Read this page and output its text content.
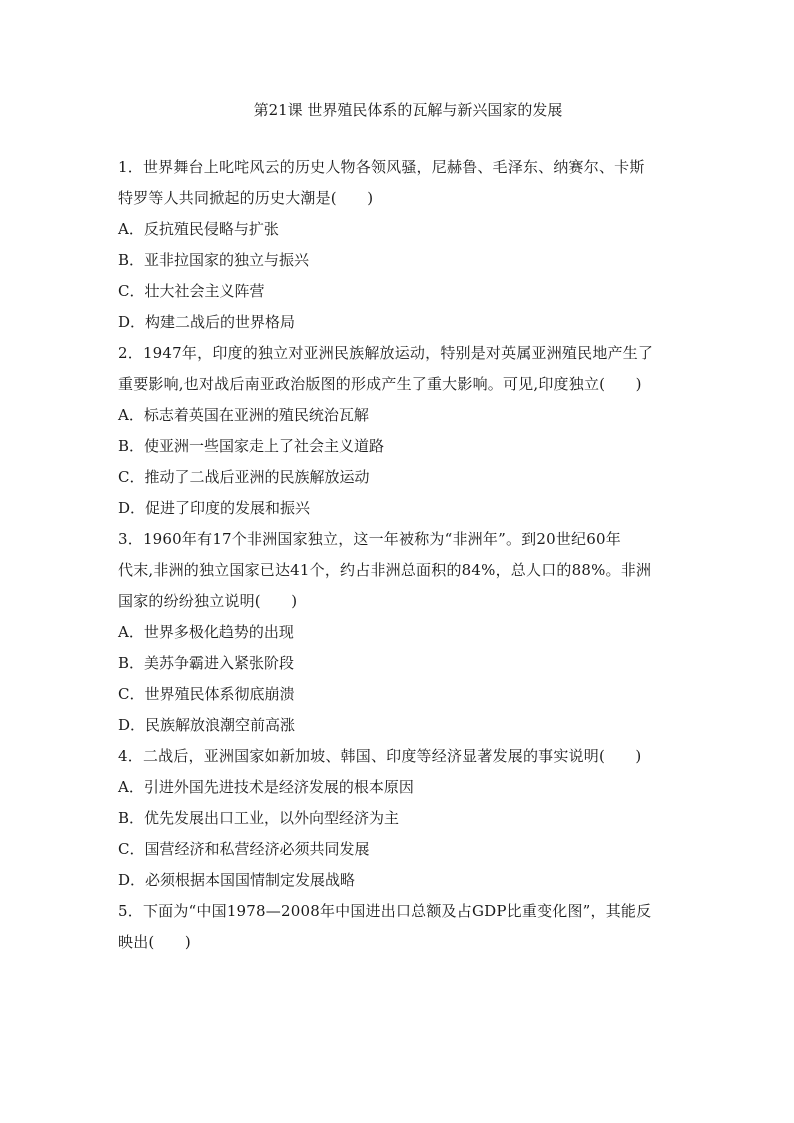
第21课 世界殖民体系的瓦解与新兴国家的发展
1．世界舞台上叱咤风云的历史人物各领风骚，尼赫鲁、毛泽东、纳赛尔、卡斯
特罗等人共同掀起的历史大潮是(　　)
A．反抗殖民侵略与扩张
B．亚非拉国家的独立与振兴
C．壮大社会主义阵营
D．构建二战后的世界格局
2．1947年，印度的独立对亚洲民族解放运动，特别是对英属亚洲殖民地产生了
重要影响,也对战后南亚政治版图的形成产生了重大影响。可见,印度独立(　　)
A．标志着英国在亚洲的殖民统治瓦解
B．使亚洲一些国家走上了社会主义道路
C．推动了二战后亚洲的民族解放运动
D．促进了印度的发展和振兴
3．1960年有17个非洲国家独立，这一年被称为“非洲年”。到20世纪60年
代末,非洲的独立国家已达41个，约占非洲总面积的84%，总人口的88%。非洲
国家的纷纷独立说明(　　)
A．世界多极化趋势的出现
B．美苏争霸进入紧张阶段
C．世界殖民体系彻底崩溃
D．民族解放浪潮空前高涨
4．二战后，亚洲国家如新加坡、韩国、印度等经济显著发展的事实说明(　　)
A．引进外国先进技术是经济发展的根本原因
B．优先发展出口工业，以外向型经济为主
C．国营经济和私营经济必须共同发展
D．必须根据本国国情制定发展战略
5．下面为“中国1978—2008年中国进出口总额及占GDP比重变化图”，其能反
映出(　　)
